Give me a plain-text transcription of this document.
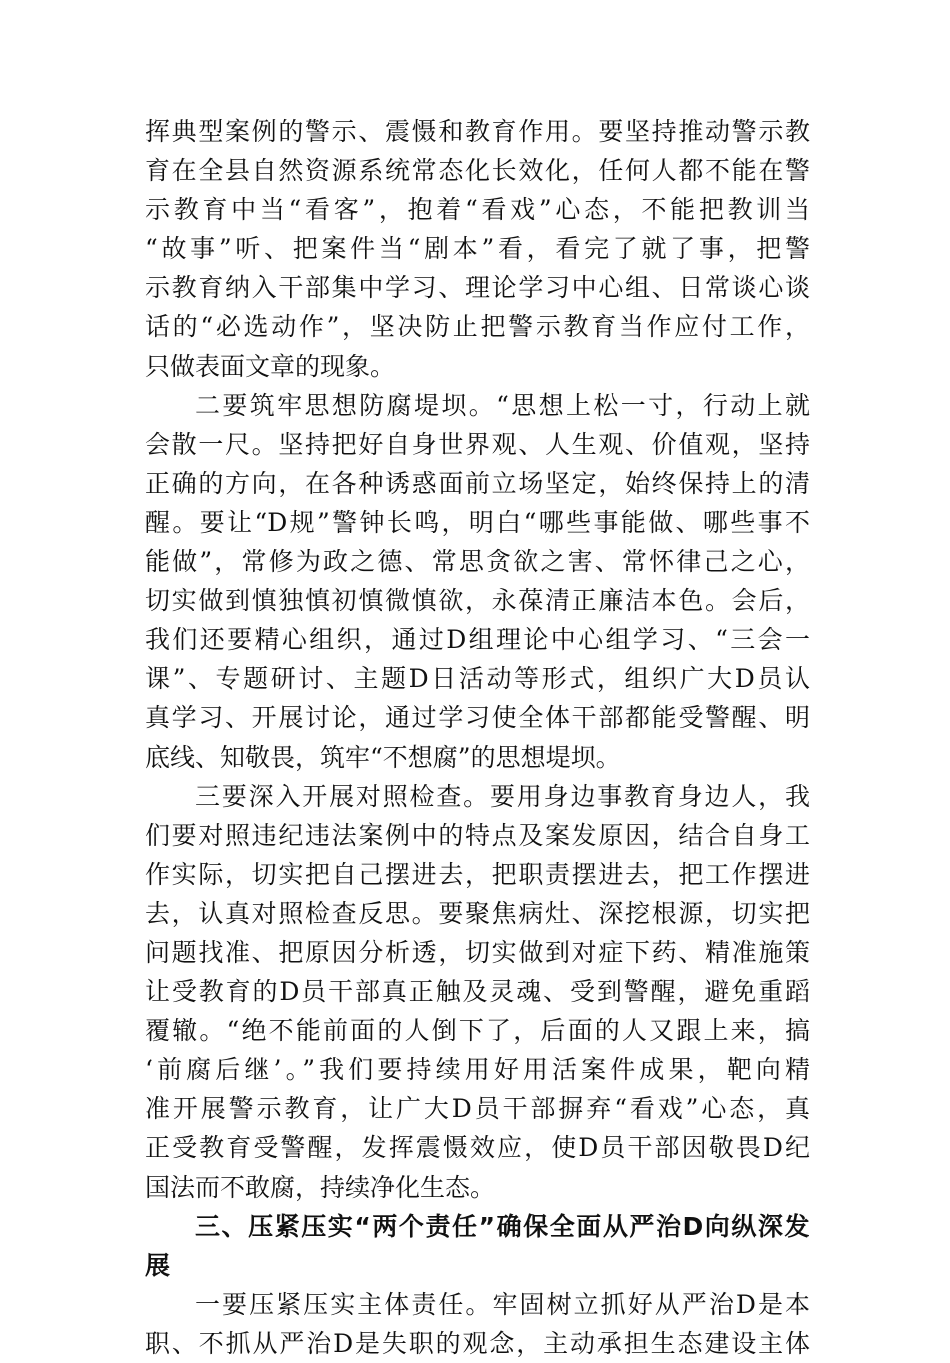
挥典型案例的警示、震慑和教育作用。要坚持推动警示教
育在全县自然资源系统常态化长效化，任何人都不能在警
示教育中当“看客”，抱着“看戏”心态，不能把教训当
“故事”听、把案件当“剧本”看，看完了就了事，把警
示教育纳入干部集中学习、理论学习中心组、日常谈心谈
话的“必选动作”，坚决防止把警示教育当作应付工作，
只做表面文章的现象。
二要筑牢思想防腐堤坝。“思想上松一寸，行动上就
会散一尺。坚持把好自身世界观、人生观、价值观，坚持
正确的方向，在各种诱惑面前立场坚定，始终保持上的清
醒。要让“D规”警钟长鸣，明白“哪些事能做、哪些事不
能做”，常修为政之德、常思贪欲之害、常怀律己之心，
切实做到慎独慎初慎微慎欲，永葆清正廉洁本色。会后，
我们还要精心组织，通过D组理论中心组学习、“三会一
课”、专题研讨、主题D日活动等形式，组织广大D员认
真学习、开展讨论，通过学习使全体干部都能受警醒、明
底线、知敬畏，筑牢“不想腐”的思想堤坝。
三要深入开展对照检查。要用身边事教育身边人，我
们要对照违纪违法案例中的特点及案发原因，结合自身工
作实际，切实把自己摆进去，把职责摆进去，把工作摆进
去，认真对照检查反思。要聚焦病灶、深挖根源，切实把
问题找准、把原因分析透，切实做到对症下药、精准施策
让受教育的D员干部真正触及灵魂、受到警醒，避免重蹈
覆辙。“绝不能前面的人倒下了，后面的人又跟上来，搞
‘前腐后继’。”我们要持续用好用活案件成果，靶向精
准开展警示教育，让广大D员干部摒弃“看戏”心态，真
正受教育受警醒，发挥震慑效应，使D员干部因敬畏D纪
国法而不敢腐，持续净化生态。
三、压紧压实“两个责任”确保全面从严治D向纵深发
展
一要压紧压实主体责任。牢固树立抓好从严治D是本
职、不抓从严治D是失职的观念，主动承担生态建设主体
